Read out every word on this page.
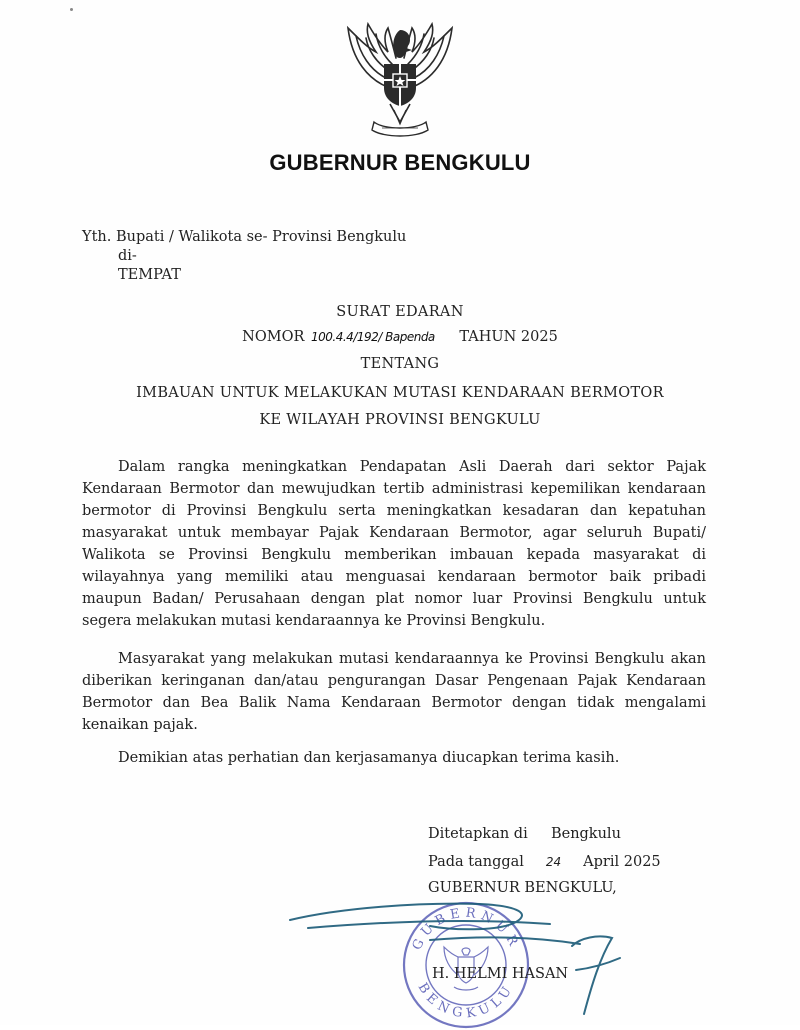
GUBERNUR BENGKULU
Yth. Bupati / Walikota se- Provinsi Bengkulu
di-
TEMPAT
SURAT EDARAN
NOMOR 100.4.4/192/ Bapenda TAHUN 2025
TENTANG
IMBAUAN UNTUK MELAKUKAN MUTASI KENDARAAN BERMOTOR
KE WILAYAH PROVINSI BENGKULU

Dalam rangka meningkatkan Pendapatan Asli Daerah dari sektor Pajak Kendaraan Bermotor dan mewujudkan tertib administrasi kepemilikan kendaraan bermotor di Provinsi Bengkulu serta meningkatkan kesadaran dan kepatuhan masyarakat untuk membayar Pajak Kendaraan Bermotor, agar seluruh Bupati/ Walikota se Provinsi Bengkulu memberikan imbauan kepada masyarakat di wilayahnya yang memiliki atau menguasai kendaraan bermotor baik pribadi maupun Badan/ Perusahaan dengan plat nomor luar Provinsi Bengkulu untuk segera melakukan mutasi kendaraannya ke Provinsi Bengkulu.

Masyarakat yang melakukan mutasi kendaraannya ke Provinsi Bengkulu akan diberikan keringanan dan/atau pengurangan Dasar Pengenaan Pajak Kendaraan Bermotor dan Bea Balik Nama Kendaraan Bermotor dengan tidak mengalami kenaikan pajak.

Demikian atas perhatian dan kerjasamanya diucapkan terima kasih.
Ditetapkan di Bengkulu
Pada tanggal 24 April 2025
GUBERNUR BENGKULU,
GUBERNUR
BENGKULU
H. HELMI HASAN
